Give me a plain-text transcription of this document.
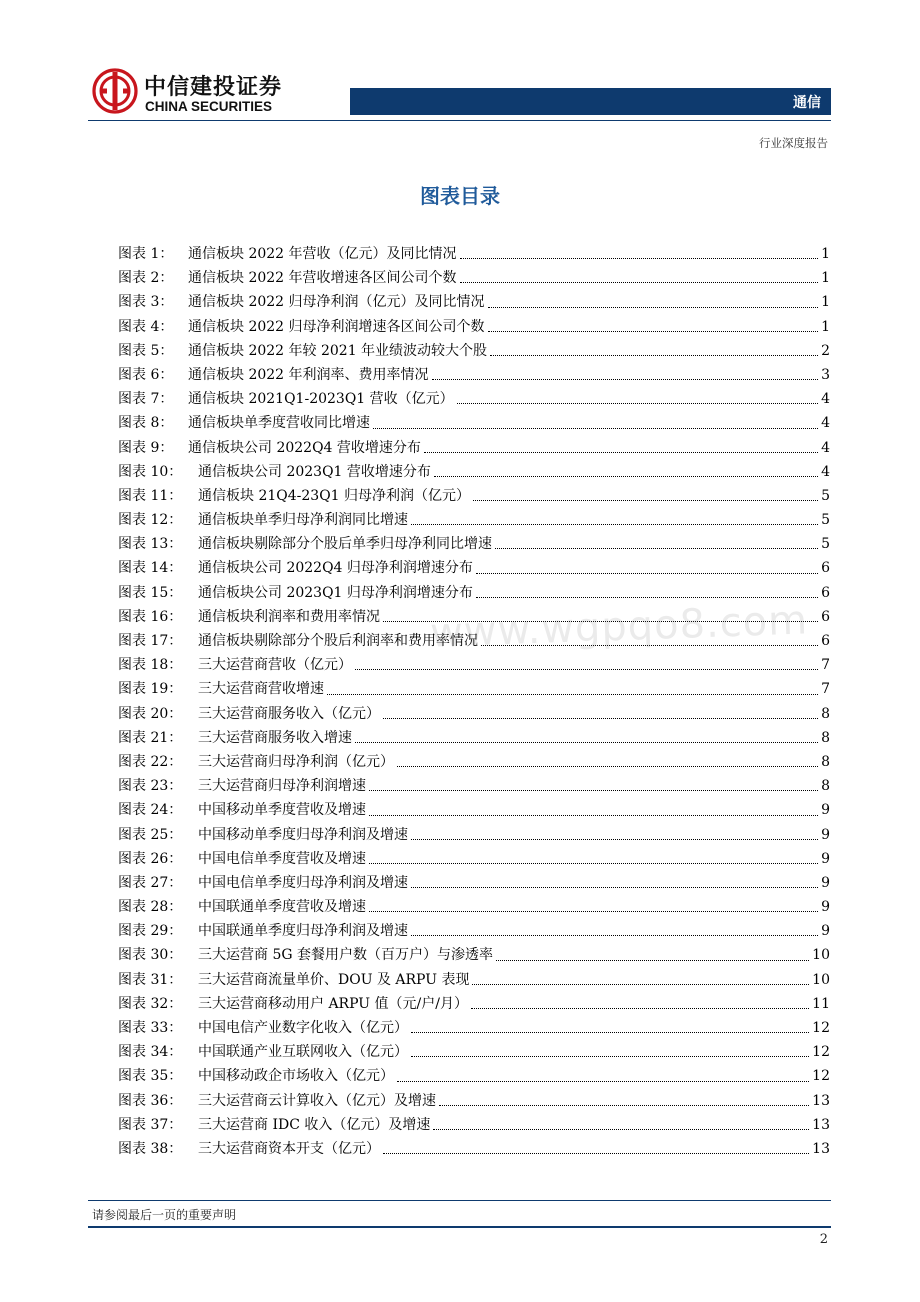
中信建投证券
CHINA SECURITIES	通信
行业深度报告
图表目录
图表 1：	通信板块 2022 年营收（亿元）及同比情况	1
图表 2：	通信板块 2022 年营收增速各区间公司个数	1
图表 3：	通信板块 2022 归母净利润（亿元）及同比情况	1
图表 4：	通信板块 2022 归母净利润增速各区间公司个数	1
图表 5：	通信板块 2022 年较 2021 年业绩波动较大个股	2
图表 6：	通信板块 2022 年利润率、费用率情况	3
图表 7：	通信板块 2021Q1-2023Q1 营收（亿元）	4
图表 8：	通信板块单季度营收同比增速	4
图表 9：	通信板块公司 2022Q4 营收增速分布	4
图表 10：	通信板块公司 2023Q1 营收增速分布	4
图表 11：	通信板块 21Q4-23Q1 归母净利润（亿元）	5
图表 12：	通信板块单季归母净利润同比增速	5
图表 13：	通信板块剔除部分个股后单季归母净利同比增速	5
图表 14：	通信板块公司 2022Q4 归母净利润增速分布	6
图表 15：	通信板块公司 2023Q1 归母净利润增速分布	6
图表 16：	通信板块利润率和费用率情况	6
图表 17：	通信板块剔除部分个股后利润率和费用率情况	6
图表 18：	三大运营商营收（亿元）	7
图表 19：	三大运营商营收增速	7
图表 20：	三大运营商服务收入（亿元）	8
图表 21：	三大运营商服务收入增速	8
图表 22：	三大运营商归母净利润（亿元）	8
图表 23：	三大运营商归母净利润增速	8
图表 24：	中国移动单季度营收及增速	9
图表 25：	中国移动单季度归母净利润及增速	9
图表 26：	中国电信单季度营收及增速	9
图表 27：	中国电信单季度归母净利润及增速	9
图表 28：	中国联通单季度营收及增速	9
图表 29：	中国联通单季度归母净利润及增速	9
图表 30：	三大运营商 5G 套餐用户数（百万户）与渗透率	10
图表 31：	三大运营商流量单价、DOU 及 ARPU 表现	10
图表 32：	三大运营商移动用户 ARPU 值（元/户/月）	11
图表 33：	中国电信产业数字化收入（亿元）	12
图表 34：	中国联通产业互联网收入（亿元）	12
图表 35：	中国移动政企市场收入（亿元）	12
图表 36：	三大运营商云计算收入（亿元）及增速	13
图表 37：	三大运营商 IDC 收入（亿元）及增速	13
图表 38：	三大运营商资本开支（亿元）	13
www.wgpqo8.com
请参阅最后一页的重要声明
2
